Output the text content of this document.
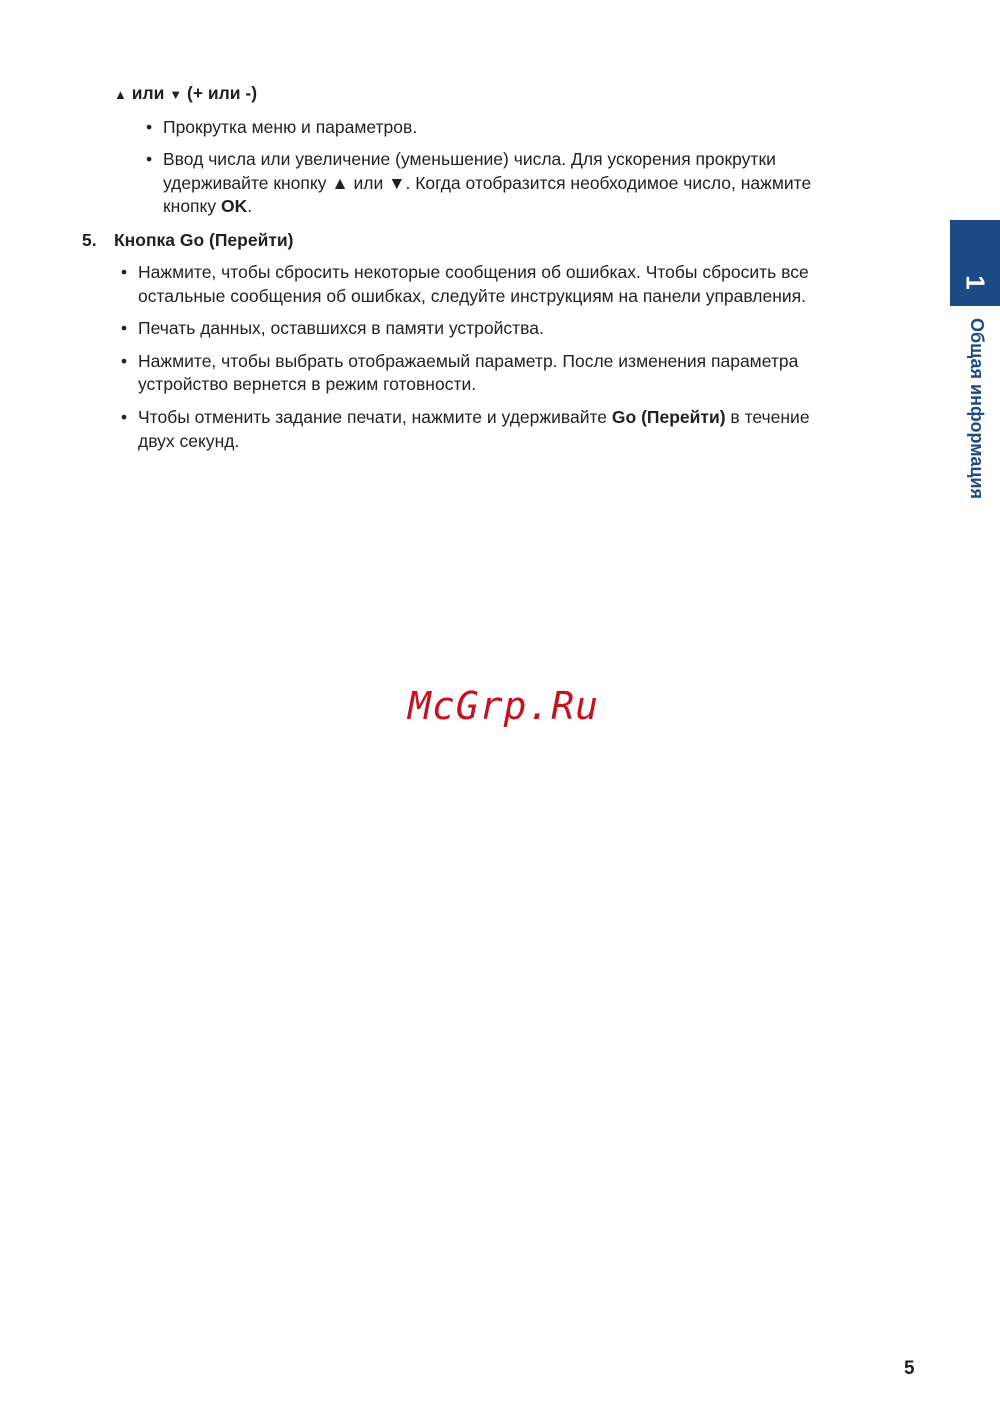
▲ или ▼ (+ или -)

• Прокрутка меню и параметров.

• Ввод числа или увеличение (уменьшение) числа. Для ускорения прокрутки

удерживайте кнопку ▲ или ▼. Когда отобразится необходимое число, нажмите

кнопку OK.

5. Кнопка Go (Перейти)

• Нажмите, чтобы сбросить некоторые сообщения об ошибках. Чтобы сбросить все

остальные сообщения об ошибках, следуйте инструкциям на панели управления.

• Печать данных, оставшихся в памяти устройства.

• Нажмите, чтобы выбрать отображаемый параметр. После изменения параметра

устройство вернется в режим готовности.

• Чтобы отменить задание печати, нажмите и удерживайте Go (Перейти) в течение

двух секунд.

1
Общая информация
McGrp.Ru
5
